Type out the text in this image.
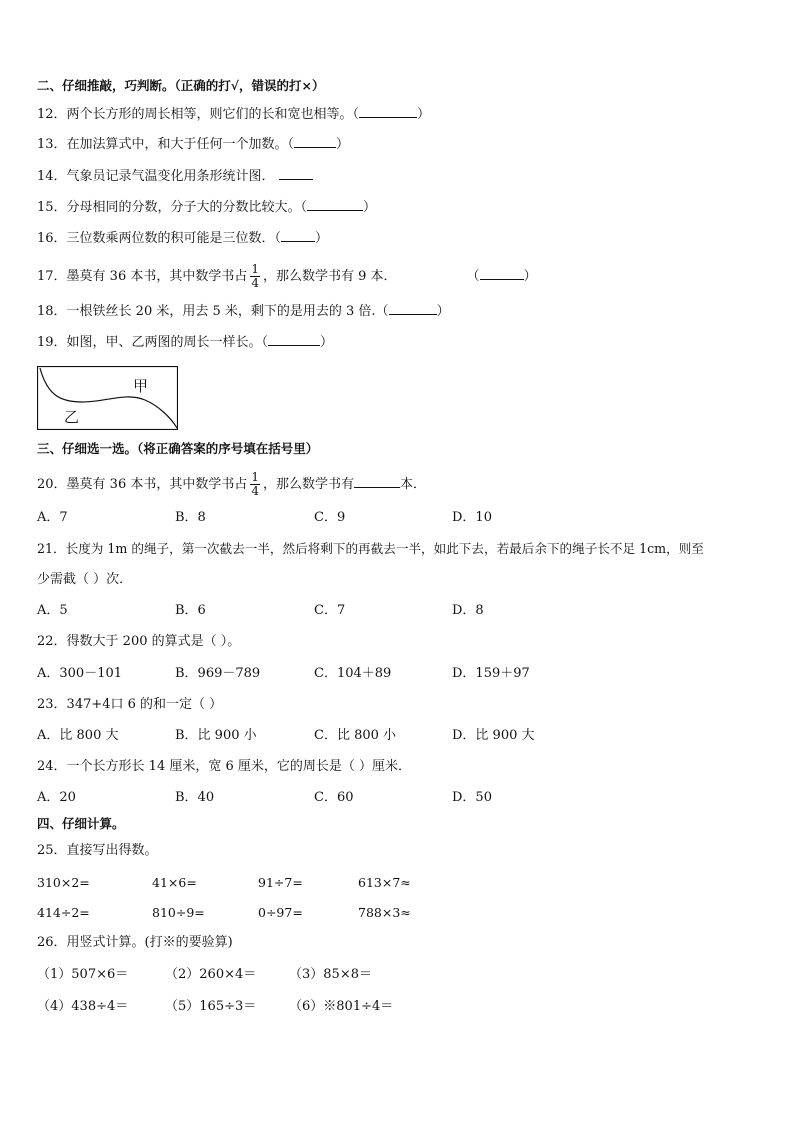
二、仔细推敲，巧判断。（正确的打√，错误的打×）
12．两个长方形的周长相等，则它们的长和宽也相等。（	）
13．在加法算式中，和大于任何一个加数。（	）
14．气象员记录气温变化用条形统计图．
15．分母相同的分数，分子大的分数比较大。（	）
16．三位数乘两位数的积可能是三位数．（	）
17．墨莫有 36 本书，其中数学书占 $\frac{1}{4}$ ，那么数学书有 9 本．	（	）
18．一根铁丝长 20 米，用去 5 米，剩下的是用去的 3 倍.（	）
19．如图，甲、乙两图的周长一样长。（	）
甲
乙
三、仔细选一选。（将正确答案的序号填在括号里）
20．墨莫有 36 本书，其中数学书占 $\frac{1}{4}$ ，那么数学书有	本．
A．7	B．8	C．9	D．10
21．长度为 1m 的绳子，第一次截去一半，然后将剩下的再截去一半，如此下去，若最后余下的绳子长不足 1cm，则至
少需截（ ）次．
A．5	B．6	C．7	D．8
22．得数大于 200 的算式是（ ）。
A．300－101	B．969－789	C．104＋89	D．159＋97
23．347+4口 6 的和一定（ ）
A．比 800 大	B．比 900 小	C．比 800 小	D．比 900 大
24．一个长方形长 14 厘米，宽 6 厘米，它的周长是（ ）厘米．
A．20	B．40	C．60	D．50
四、仔细计算。
25．直接写出得数。
310×2=	41×6=	91÷7=	613×7≈
414÷2=	810÷9=	0÷97=	788×3≈
26．用竖式计算。(打※的要验算)
（1）507×6＝	（2）260×4＝	（3）85×8＝
（4）438÷4＝	（5）165÷3＝	（6）※801÷4＝
